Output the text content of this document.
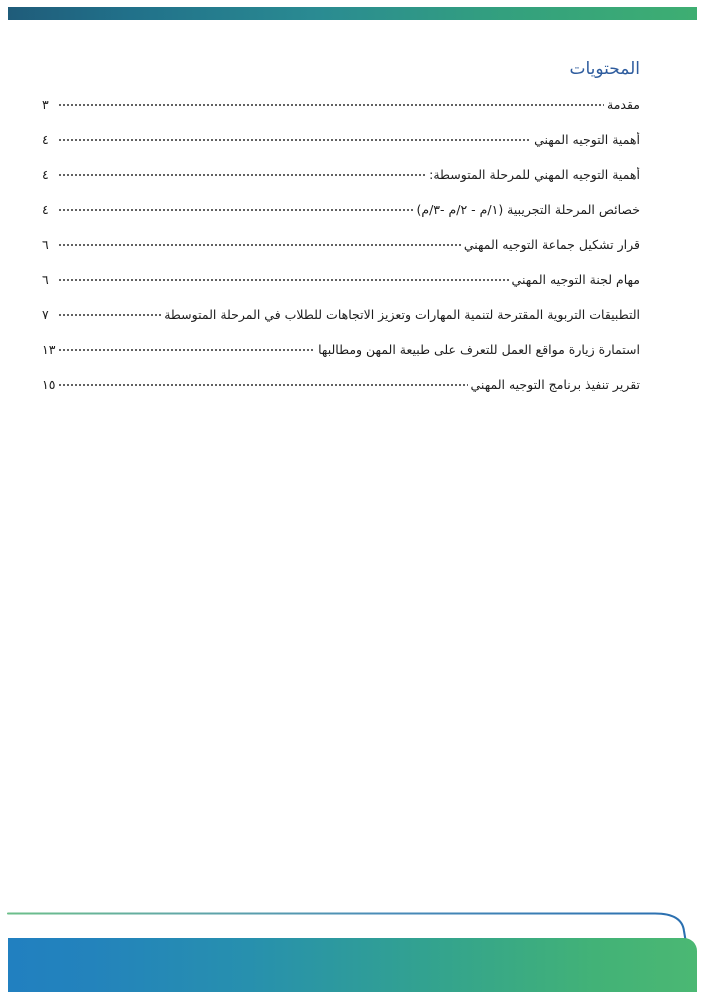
المحتويات
مقدمة
٣
أهمية التوجيه المهني
٤
أهمية التوجيه المهني للمرحلة المتوسطة:
٤
خصائص المرحلة التجريبية (١/م - ٢/م -٣/م)
٤
قرار تشكيل جماعة التوجيه المهني
٦
مهام لجنة التوجيه المهني
٦
التطبيقات التربوية المقترحة لتنمية المهارات وتعزيز الاتجاهات للطلاب في المرحلة المتوسطة
٧
استمارة زيارة مواقع العمل للتعرف على طبيعة المهن ومطالبها
١٣
تقرير تنفيذ برنامج التوجيه المهني
١٥
